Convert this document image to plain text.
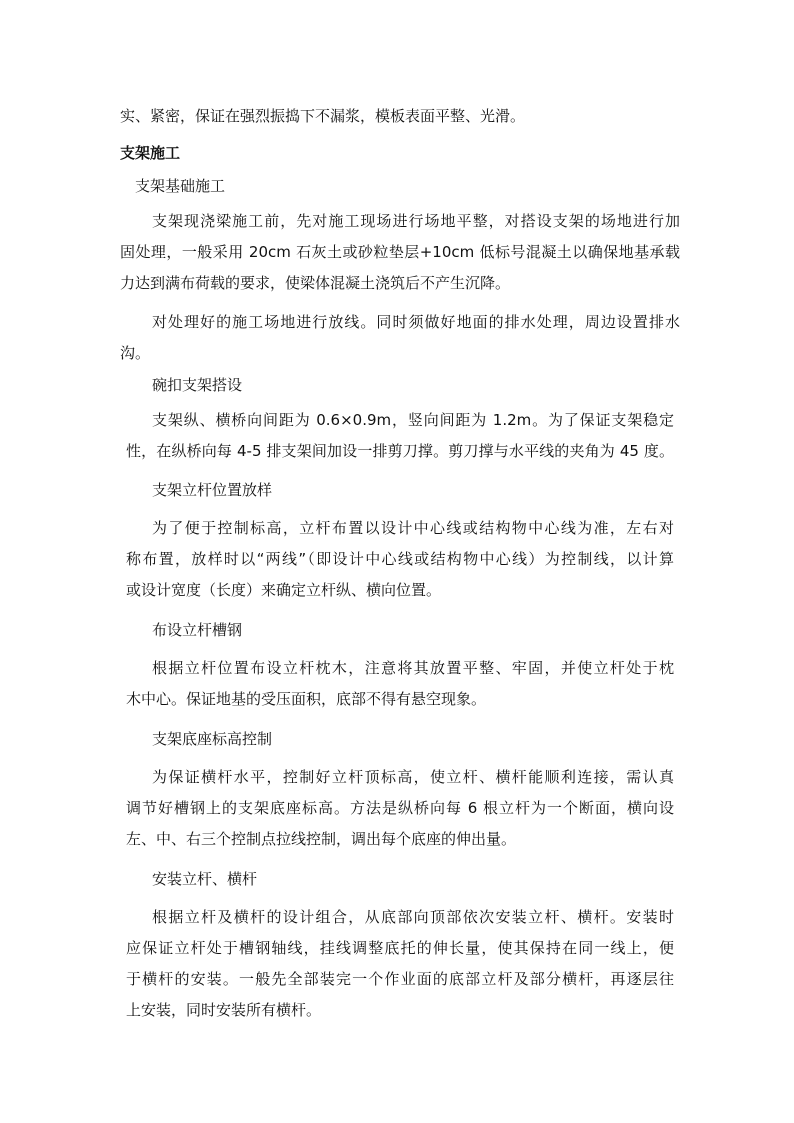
实、紧密，保证在强烈振捣下不漏浆，模板表面平整、光滑。
支架施工
支架基础施工
支架现浇梁施工前，先对施工现场进行场地平整，对搭设支架的场地进行加
固处理，一般采用 20cm 石灰土或砂粒垫层+10cm 低标号混凝土以确保地基承载
力达到满布荷载的要求，使梁体混凝土浇筑后不产生沉降。
对处理好的施工场地进行放线。同时须做好地面的排水处理，周边设置排水
沟。
碗扣支架搭设
支架纵、横桥向间距为 0.6×0.9m，竖向间距为 1.2m。为了保证支架稳定
性，在纵桥向每 4-5 排支架间加设一排剪刀撑。剪刀撑与水平线的夹角为 45 度。
支架立杆位置放样
为了便于控制标高，立杆布置以设计中心线或结构物中心线为准，左右对
称布置，放样时以“两线”（即设计中心线或结构物中心线）为控制线，以计算
或设计宽度（长度）来确定立杆纵、横向位置。
布设立杆槽钢
根据立杆位置布设立杆枕木，注意将其放置平整、牢固，并使立杆处于枕
木中心。保证地基的受压面积，底部不得有悬空现象。
支架底座标高控制
为保证横杆水平，控制好立杆顶标高，使立杆、横杆能顺利连接，需认真
调节好槽钢上的支架底座标高。方法是纵桥向每 6 根立杆为一个断面，横向设
左、中、右三个控制点拉线控制，调出每个底座的伸出量。
安装立杆、横杆
根据立杆及横杆的设计组合，从底部向顶部依次安装立杆、横杆。安装时
应保证立杆处于槽钢轴线，挂线调整底托的伸长量，使其保持在同一线上，便
于横杆的安装。一般先全部装完一个作业面的底部立杆及部分横杆，再逐层往
上安装，同时安装所有横杆。
